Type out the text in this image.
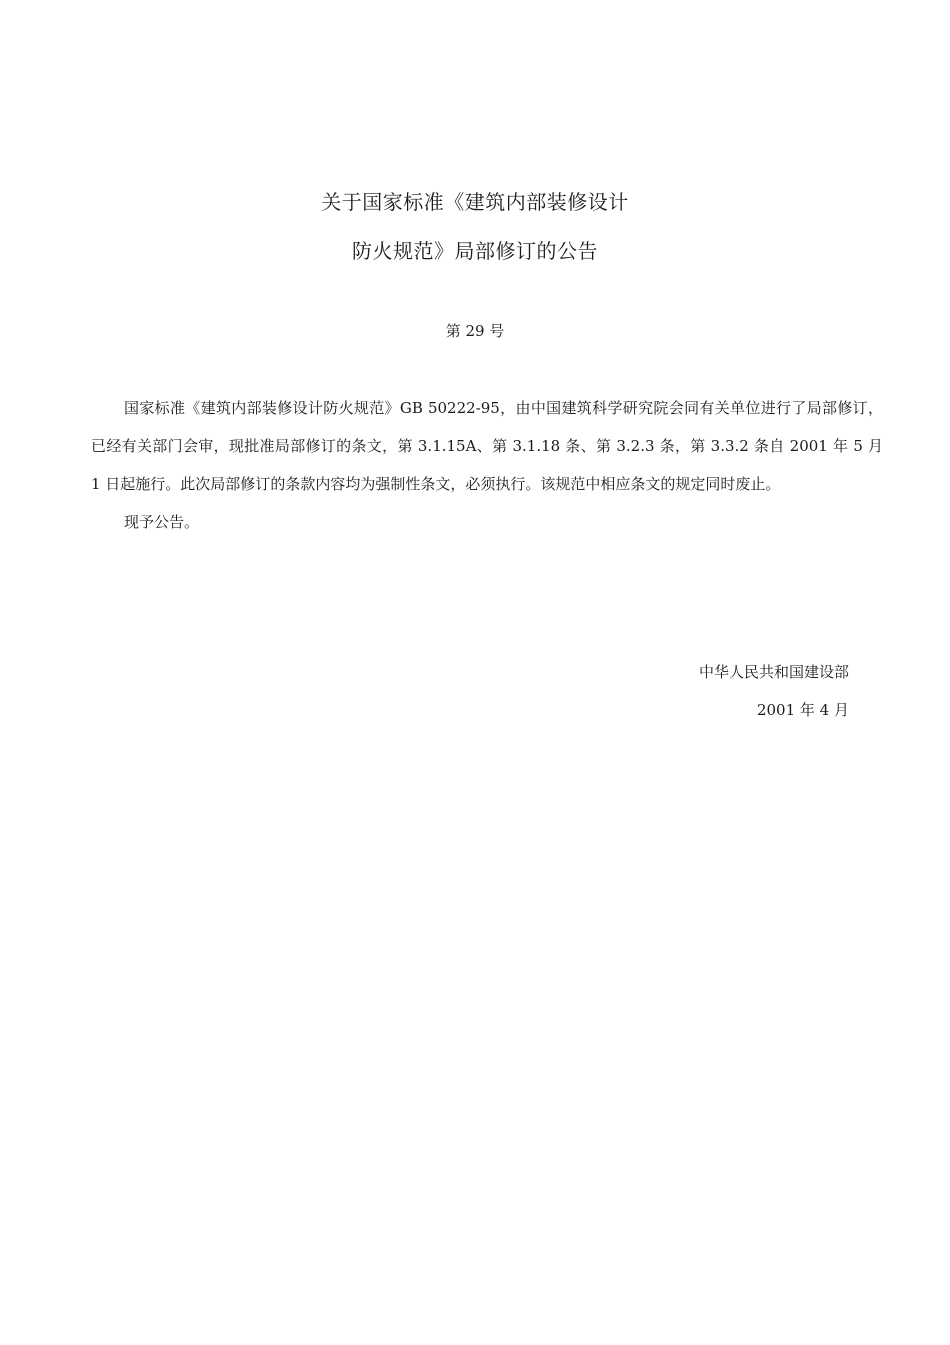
关于国家标准《建筑内部装修设计
防火规范》局部修订的公告
第 29 号

国家标准《建筑内部装修设计防火规范》GB 50222-95，由中国建筑科学研究院会同有关单位进行了局部修订，已经有关部门会审，现批准局部修订的条文，第 3.1.15A、第 3.1.18 条、第 3.2.3 条，第 3.3.2 条自 2001 年 5 月 1 日起施行。此次局部修订的条款内容均为强制性条文，必须执行。该规范中相应条文的规定同时废止。

现予公告。

中华人民共和国建设部
2001 年 4 月
